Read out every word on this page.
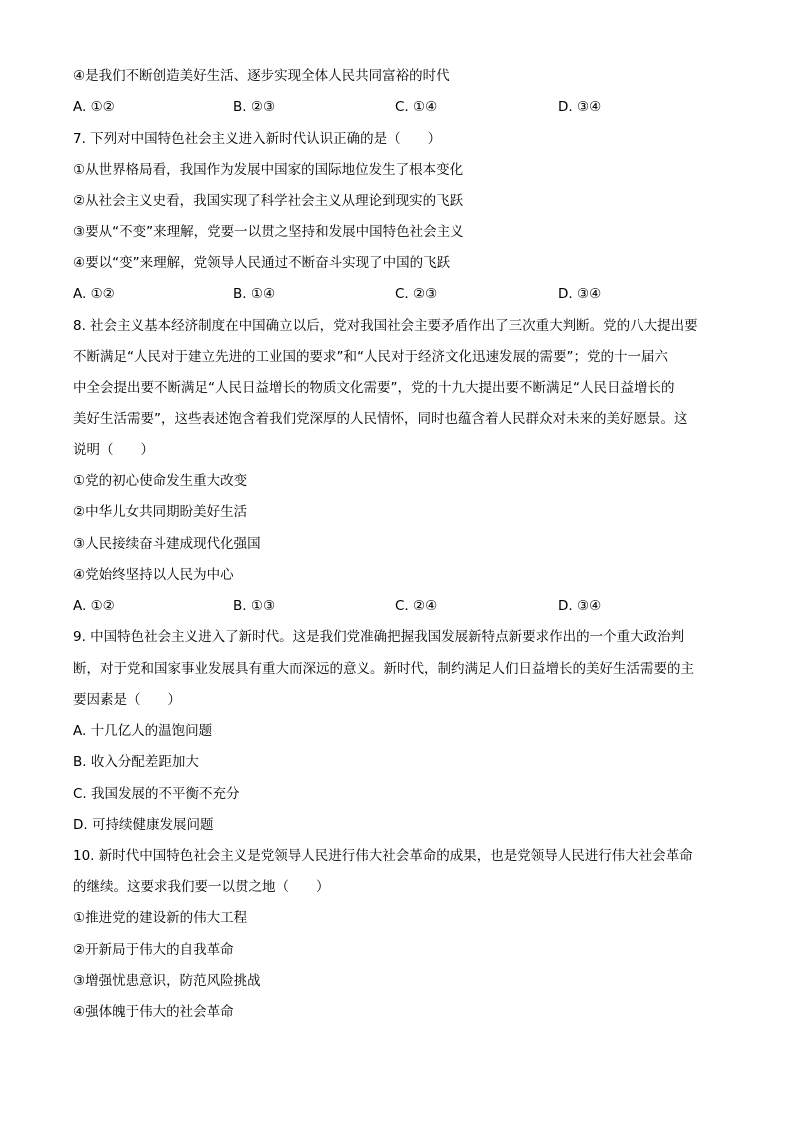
④是我们不断创造美好生活、逐步实现全体人民共同富裕的时代
A. ①②	B. ②③	C. ①④	D. ③④
7. 下列对中国特色社会主义进入新时代认识正确的是（　　）
①从世界格局看，我国作为发展中国家的国际地位发生了根本变化
②从社会主义史看，我国实现了科学社会主义从理论到现实的飞跃
③要从“不变”来理解，党要一以贯之坚持和发展中国特色社会主义
④要以“变”来理解，党领导人民通过不断奋斗实现了中国的飞跃
A. ①②	B. ①④	C. ②③	D. ③④
8. 社会主义基本经济制度在中国确立以后，党对我国社会主要矛盾作出了三次重大判断。党的八大提出要
不断满足“人民对于建立先进的工业国的要求”和“人民对于经济文化迅速发展的需要”；党的十一届六
中全会提出要不断满足“人民日益增长的物质文化需要”，党的十九大提出要不断满足“人民日益增长的
美好生活需要”，这些表述饱含着我们党深厚的人民情怀，同时也蕴含着人民群众对未来的美好愿景。这
说明（　　）
①党的初心使命发生重大改变
②中华儿女共同期盼美好生活
③人民接续奋斗建成现代化强国
④党始终坚持以人民为中心
A. ①②	B. ①③	C. ②④	D. ③④
9. 中国特色社会主义进入了新时代。这是我们党准确把握我国发展新特点新要求作出的一个重大政治判
断，对于党和国家事业发展具有重大而深远的意义。新时代，制约满足人们日益增长的美好生活需要的主
要因素是（　　）
A. 十几亿人的温饱问题
B. 收入分配差距加大
C. 我国发展的不平衡不充分
D. 可持续健康发展问题
10. 新时代中国特色社会主义是党领导人民进行伟大社会革命的成果，也是党领导人民进行伟大社会革命
的继续。这要求我们要一以贯之地（　　）
①推进党的建设新的伟大工程
②开新局于伟大的自我革命
③增强忧患意识，防范风险挑战
④强体魄于伟大的社会革命
